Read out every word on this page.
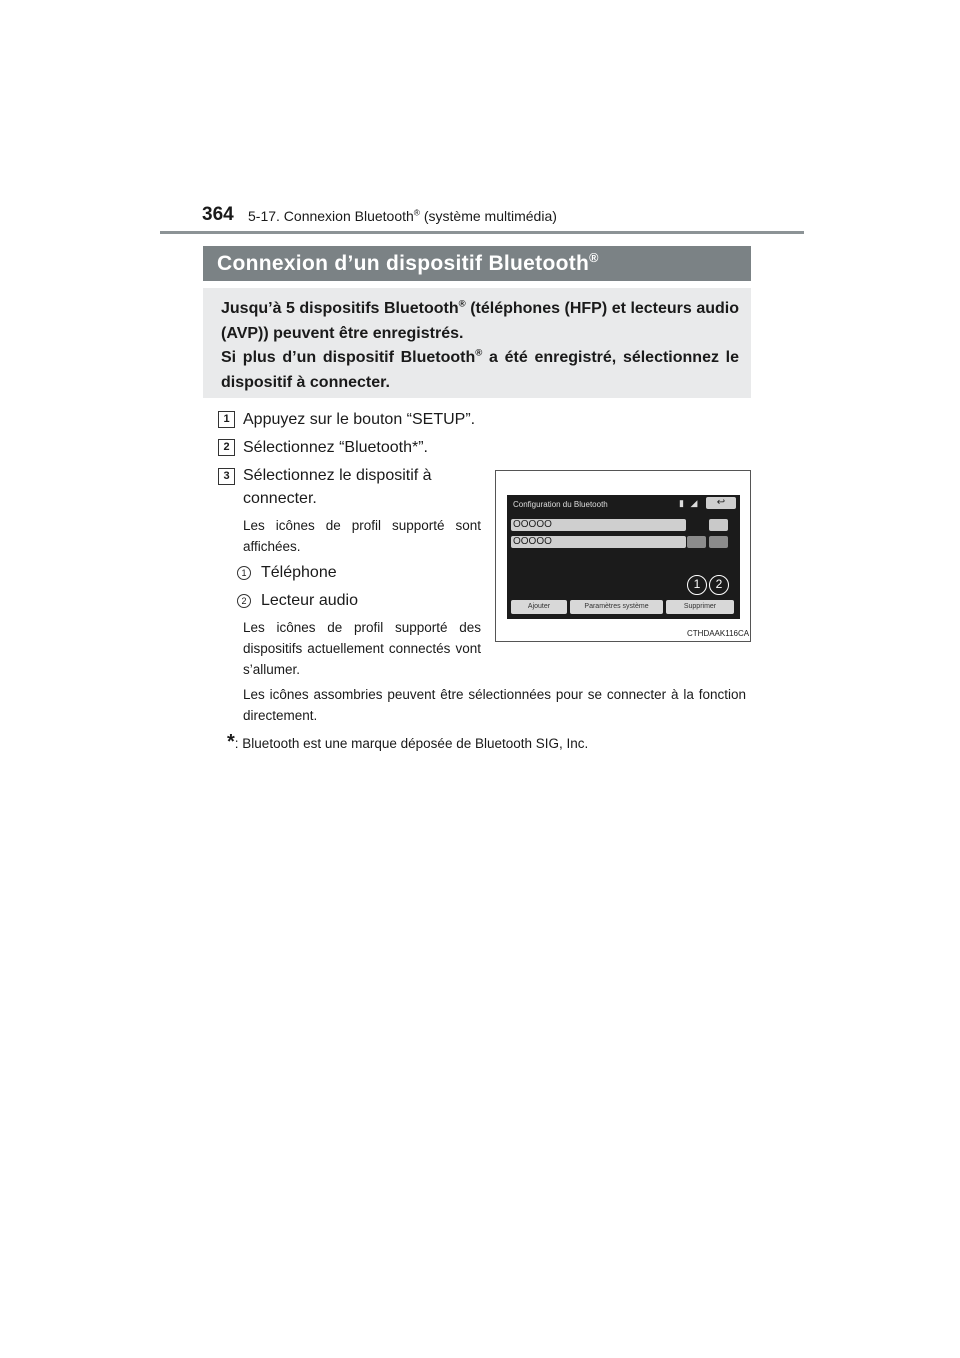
364 5-17. Connexion Bluetooth® (système multimédia)
Connexion d’un dispositif Bluetooth®

Jusqu’à 5 dispositifs Bluetooth® (téléphones (HFP) et lecteurs audio (AVP)) peuvent être enregistrés.

Si plus d’un dispositif Bluetooth® a été enregistré, sélectionnez le dispositif à connecter.

1 Appuyez sur le bouton “SETUP”.

2 Sélectionnez “Bluetooth*”.

3 Sélectionnez le dispositif à connecter.

Les icônes de profil supporté sont affichées.

1 Téléphone

2 Lecteur audio

Les icônes de profil supporté des dispositifs actuellement connectés vont s’allumer.

Les icônes assombries peuvent être sélectionnées pour se connecter à la fonction directement.

Configuration du Bluetooth	▮ ◢	↩
OOOOO
OOOOO
1	2
Ajouter	Paramètres système	Supprimer
CTHDAAK116CA

*: Bluetooth est une marque déposée de Bluetooth SIG, Inc.
